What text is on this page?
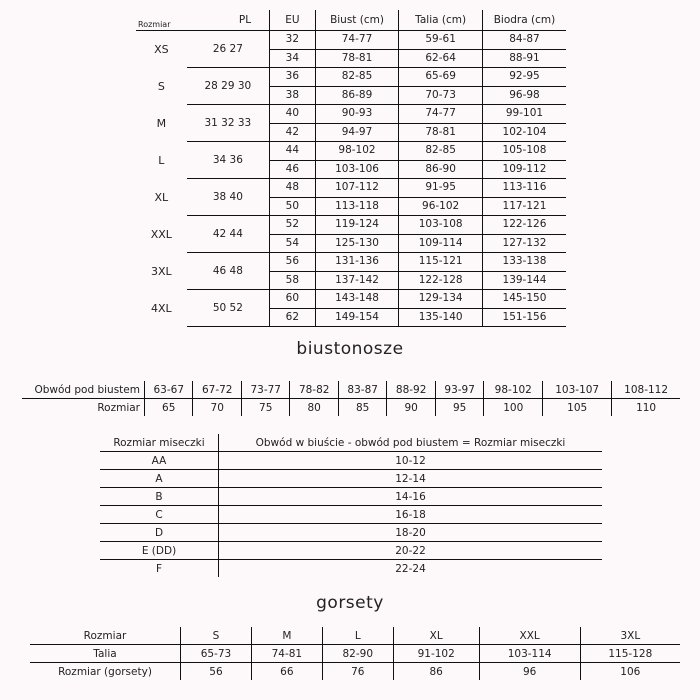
Rozmiar	PL	EU	Biust (cm)	Talia (cm)	Biodra (cm)
XS	26 27	32	74-77	59-61	84-87
		34	78-81	62-64	88-91
S	28 29 30	36	82-85	65-69	92-95
		38	86-89	70-73	96-98
M	31 32 33	40	90-93	74-77	99-101
		42	94-97	78-81	102-104
L	34 36	44	98-102	82-85	105-108
		46	103-106	86-90	109-112
XL	38 40	48	107-112	91-95	113-116
		50	113-118	96-102	117-121
XXL	42 44	52	119-124	103-108	122-126
		54	125-130	109-114	127-132
3XL	46 48	56	131-136	115-121	133-138
		58	137-142	122-128	139-144
4XL	50 52	60	143-148	129-134	145-150
		62	149-154	135-140	151-156
biustonosze
Obwód pod biustem	63-67	67-72	73-77	78-82	83-87	88-92	93-97	98-102	103-107	108-112
Rozmiar	65	70	75	80	85	90	95	100	105	110
Rozmiar miseczki	Obwód w biuście - obwód pod biustem = Rozmiar miseczki
AA	10-12
A	12-14
B	14-16
C	16-18
D	18-20
E (DD)	20-22
F	22-24
gorsety
Rozmiar	S	M	L	XL	XXL	3XL
Talia	65-73	74-81	82-90	91-102	103-114	115-128
Rozmiar (gorsety)	56	66	76	86	96	106
